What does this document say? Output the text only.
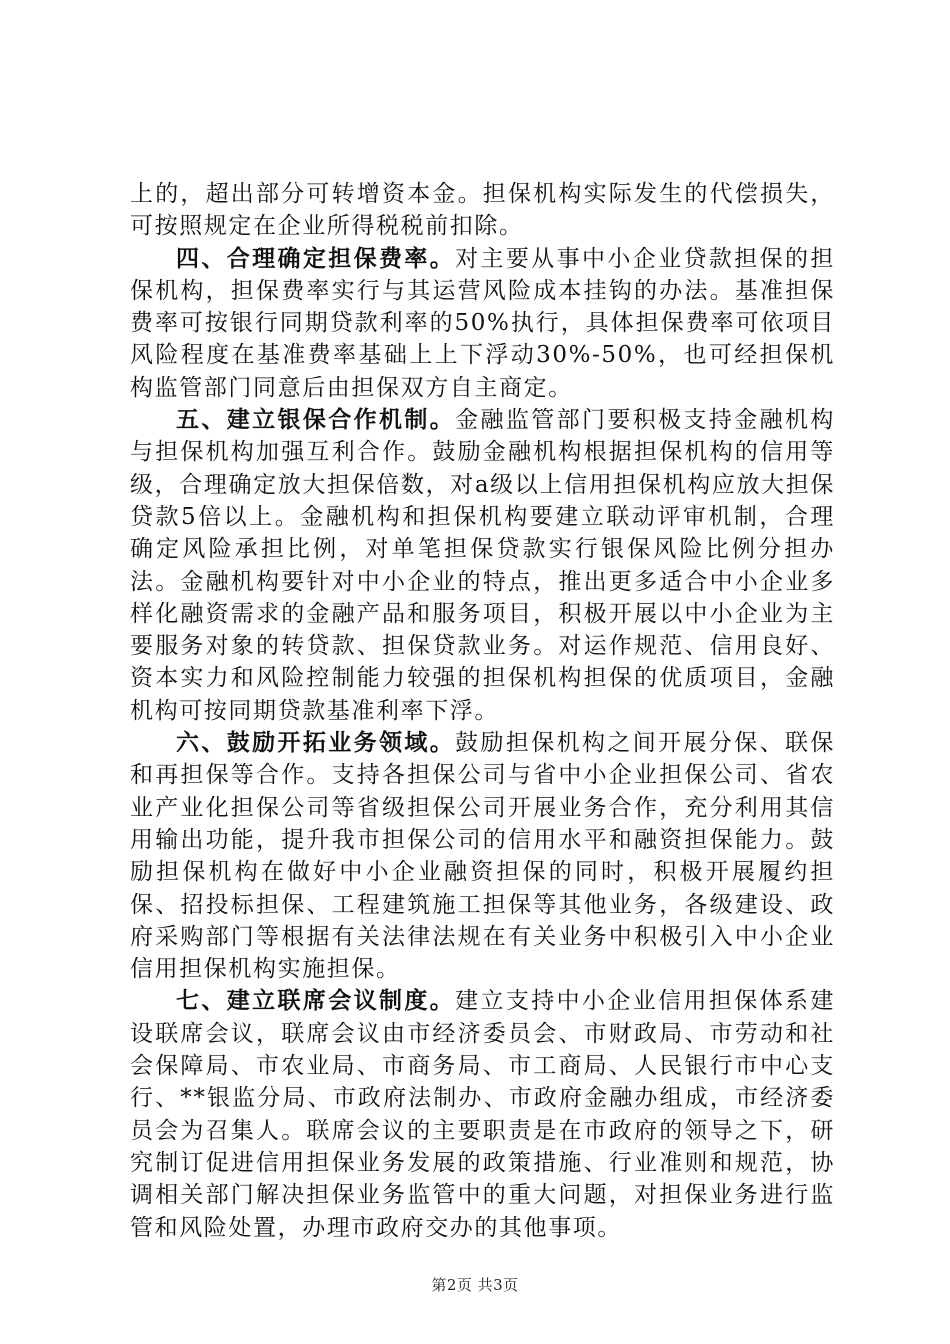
上的，超出部分可转增资本金。担保机构实际发生的代偿损失，可按照规定在企业所得税税前扣除。

四、合理确定担保费率。对主要从事中小企业贷款担保的担保机构，担保费率实行与其运营风险成本挂钩的办法。基准担保费率可按银行同期贷款利率的50%执行，具体担保费率可依项目风险程度在基准费率基础上上下浮动30%-50%，也可经担保机构监管部门同意后由担保双方自主商定。

五、建立银保合作机制。金融监管部门要积极支持金融机构与担保机构加强互利合作。鼓励金融机构根据担保机构的信用等级，合理确定放大担保倍数，对a级以上信用担保机构应放大担保贷款5倍以上。金融机构和担保机构要建立联动评审机制，合理确定风险承担比例，对单笔担保贷款实行银保风险比例分担办法。金融机构要针对中小企业的特点，推出更多适合中小企业多样化融资需求的金融产品和服务项目，积极开展以中小企业为主要服务对象的转贷款、担保贷款业务。对运作规范、信用良好、资本实力和风险控制能力较强的担保机构担保的优质项目，金融机构可按同期贷款基准利率下浮。

六、鼓励开拓业务领域。鼓励担保机构之间开展分保、联保和再担保等合作。支持各担保公司与省中小企业担保公司、省农业产业化担保公司等省级担保公司开展业务合作，充分利用其信用输出功能，提升我市担保公司的信用水平和融资担保能力。鼓励担保机构在做好中小企业融资担保的同时，积极开展履约担保、招投标担保、工程建筑施工担保等其他业务，各级建设、政府采购部门等根据有关法律法规在有关业务中积极引入中小企业信用担保机构实施担保。

七、建立联席会议制度。建立支持中小企业信用担保体系建设联席会议，联席会议由市经济委员会、市财政局、市劳动和社会保障局、市农业局、市商务局、市工商局、人民银行市中心支行、**银监分局、市政府法制办、市政府金融办组成，市经济委员会为召集人。联席会议的主要职责是在市政府的领导之下，研究制订促进信用担保业务发展的政策措施、行业准则和规范，协调相关部门解决担保业务监管中的重大问题，对担保业务进行监管和风险处置，办理市政府交办的其他事项。

第2页 共3页
